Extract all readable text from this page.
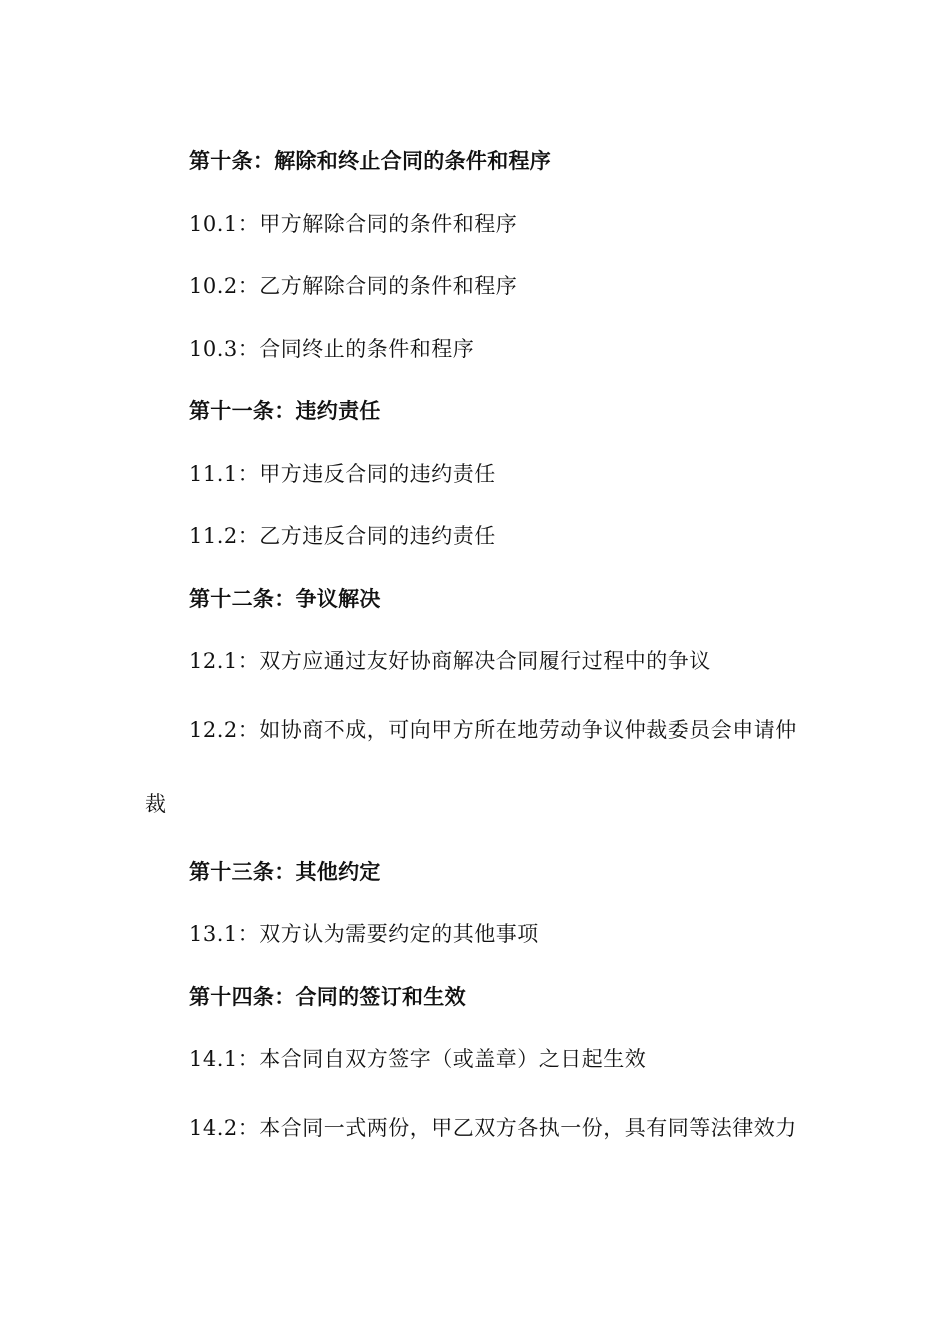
第十条：解除和终止合同的条件和程序

10.1：甲方解除合同的条件和程序

10.2：乙方解除合同的条件和程序

10.3：合同终止的条件和程序

第十一条：违约责任

11.1：甲方违反合同的违约责任

11.2：乙方违反合同的违约责任

第十二条：争议解决

12.1：双方应通过友好协商解决合同履行过程中的争议

12.2：如协商不成，可向甲方所在地劳动争议仲裁委员会申请仲裁

第十三条：其他约定

13.1：双方认为需要约定的其他事项

第十四条：合同的签订和生效

14.1：本合同自双方签字（或盖章）之日起生效

14.2：本合同一式两份，甲乙双方各执一份，具有同等法律效力
